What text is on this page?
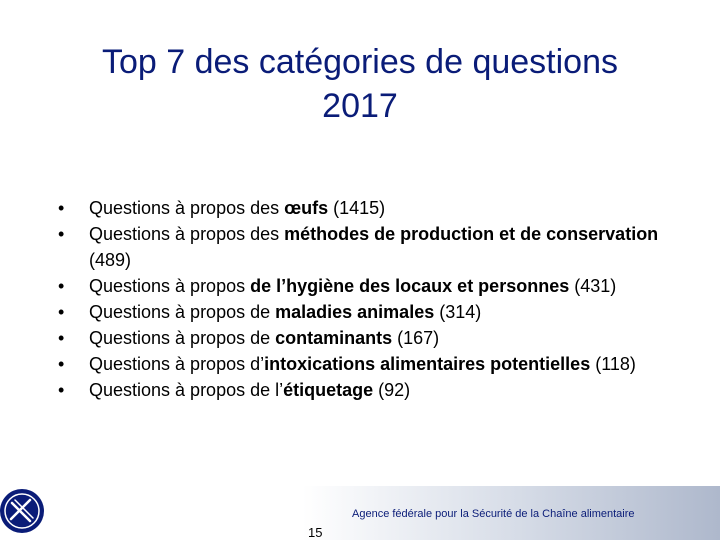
Top 7 des catégories de questions
2017
•	Questions à propos des œufs (1415)
•	Questions à propos des méthodes de production et de conservation (489)
•	Questions à propos de l’hygiène des locaux et personnes (431)
•	Questions à propos de maladies animales (314)
•	Questions à propos de contaminants (167)
•	Questions à propos d’intoxications alimentaires potentielles (118)
•	Questions à propos de l’étiquetage (92)
Agence fédérale pour la Sécurité de la Chaîne alimentaire
15
